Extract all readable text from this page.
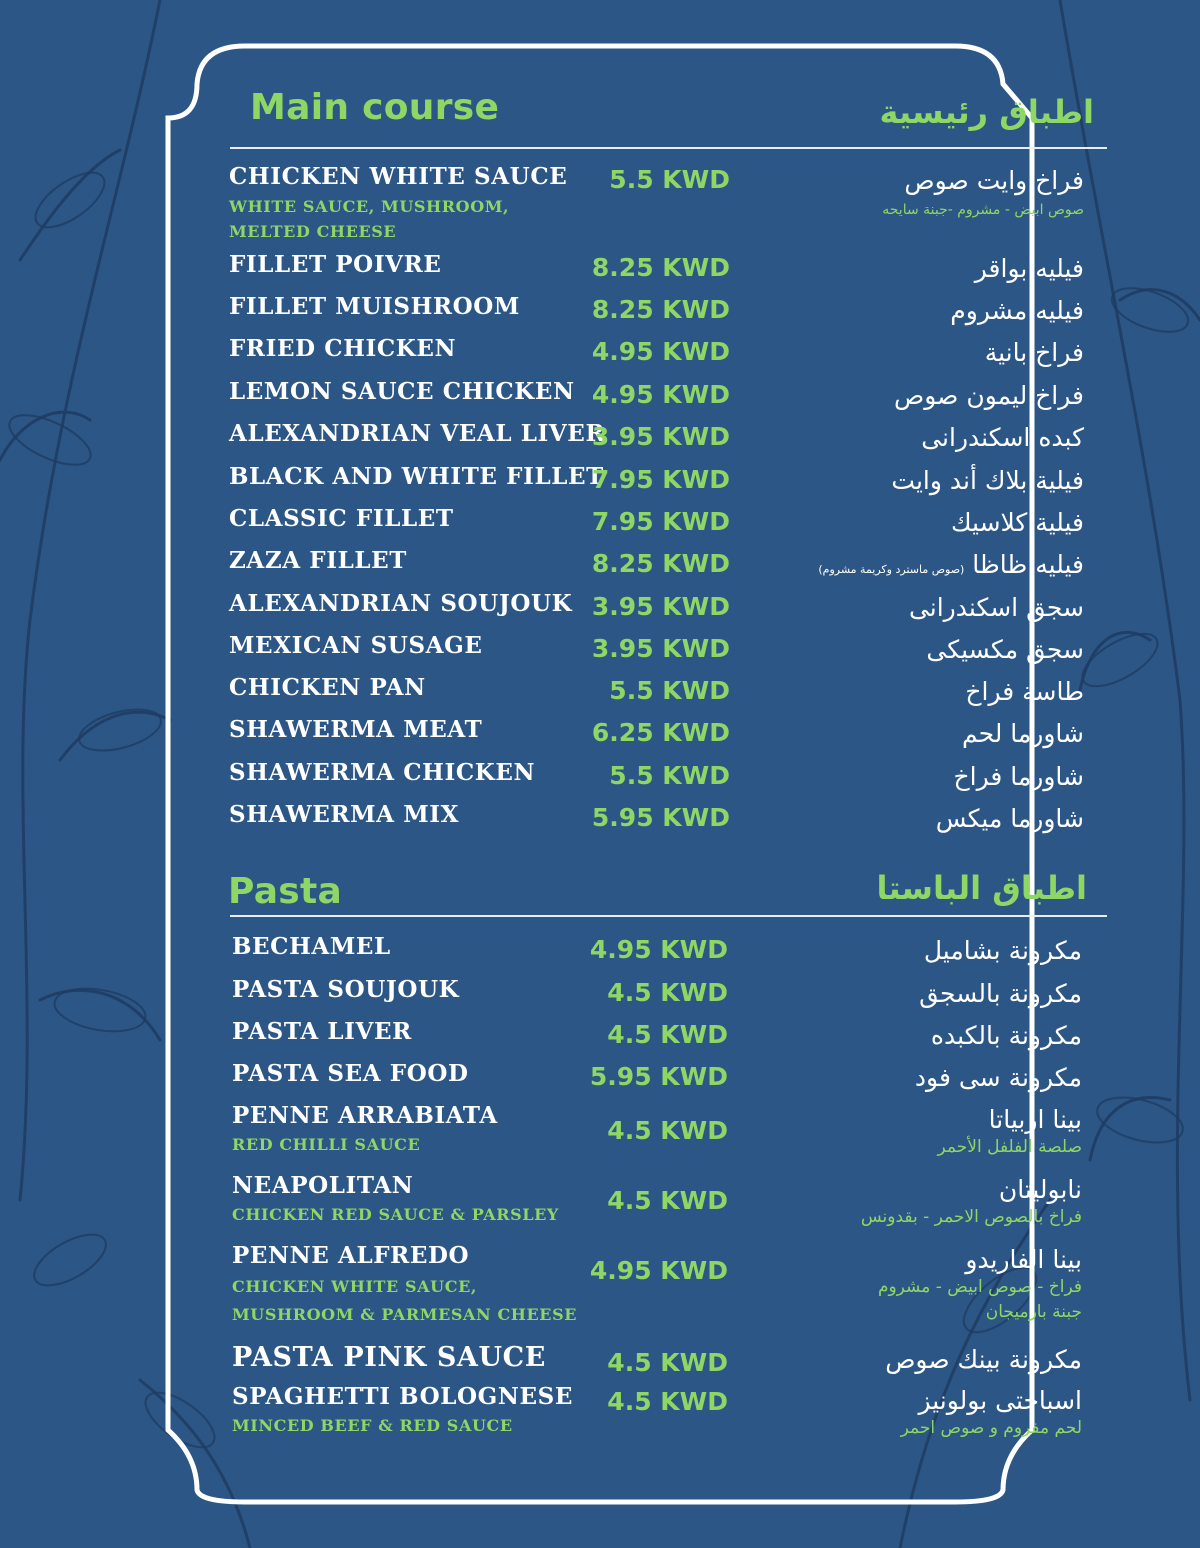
Main course	اطباق رئيسية
Pasta	اطباق الباستا
CHICKEN WHITE SAUCE
WHITE SAUCE, MUSHROOM,
MELTED CHEESE
5.5 KWD	فراخ وايت صوص
صوص ابيض - مشروم -جبنة سايحه
FILLET POIVRE	8.25 KWD	فيليه بواقر
FILLET MUISHROOM	8.25 KWD	فيليه مشروم
FRIED CHICKEN	4.95 KWD	فراخ بانية
LEMON SAUCE CHICKEN 4.95 KWD	فراخ ليمون صوص
ALEXANDRIAN VEAL LIVER
3.95 KWD	كبده اسكندرانى
BLACK AND WHITE FILLET
7.95 KWD	فيلية بلاك أند وايت
CLASSIC FILLET	7.95 KWD	فيلية كلاسيك
ZAZA FILLET	8.25 KWD	فيليه ظاظا (صوص ماسترد وكريمة مشروم)
ALEXANDRIAN SOUJOUK 3.95 KWD	سجق اسكندرانى
MEXICAN SUSAGE	3.95 KWD	سجق مكسيكى
CHICKEN PAN	5.5 KWD	طاسة فراخ
SHAWERMA MEAT	6.25 KWD	شاورما لحم
SHAWERMA CHICKEN	5.5 KWD	شاورما فراخ
SHAWERMA MIX	5.95 KWD	شاورما ميكس
BECHAMEL	4.95 KWD	مكرونة بشاميل
PASTA SOUJOUK	4.5 KWD	مكرونة بالسجق
PASTA LIVER	4.5 KWD	مكرونة بالكبده
PASTA SEA FOOD	5.95 KWD	مكرونة سى فود
PENNE ARRABIATA
RED CHILLI SAUCE	4.5 KWD	بينا اربياتا
صلصة الفلفل الأحمر
NEAPOLITAN
CHICKEN RED SAUCE & PARSLEY	4.5 KWD	نابوليتان
فراخ بالصوص الاحمر - بقدونس
PENNE ALFREDO
CHICKEN WHITE SAUCE,
MUSHROOM & PARMESAN CHEESE
4.95 KWD	بينا الفاريدو
فراخ - صوص ابيض - مشروم
جبنة بارميجان
PASTA PINK SAUCE	4.5 KWD	مكرونة بينك صوص
SPAGHETTI BOLOGNESE
MINCED BEEF & RED SAUCE
4.5 KWD	اسباجتى بولونيز
لحم مفروم و صوص احمر
